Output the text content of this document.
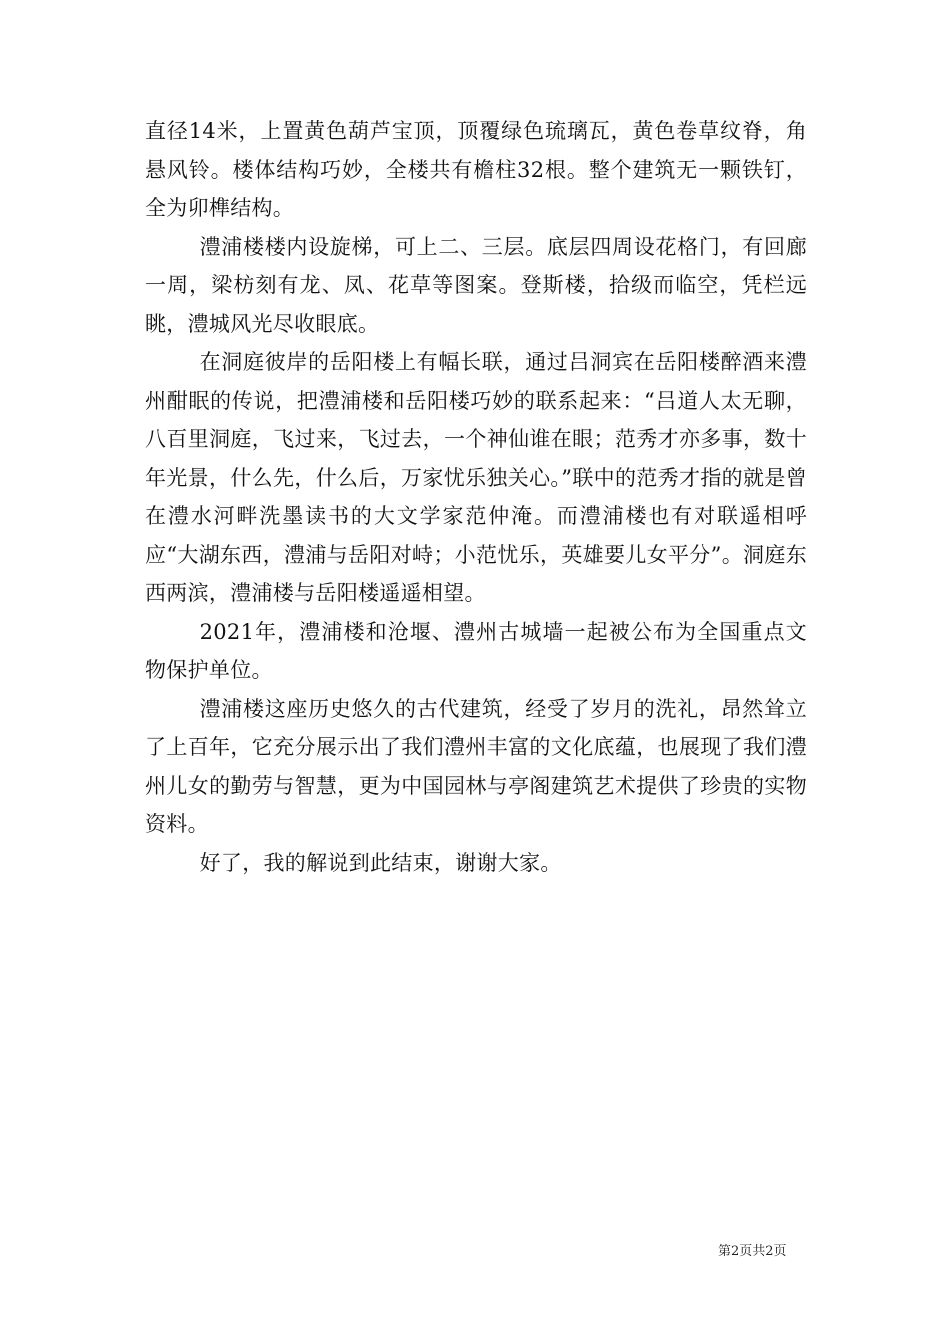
直径14米，上置黄色葫芦宝顶，顶覆绿色琉璃瓦，黄色卷草纹脊，角悬风铃。楼体结构巧妙，全楼共有檐柱32根。整个建筑无一颗铁钉，全为卯榫结构。

澧浦楼楼内设旋梯，可上二、三层。底层四周设花格门，有回廊一周，梁枋刻有龙、凤、花草等图案。登斯楼，拾级而临空，凭栏远眺，澧城风光尽收眼底。

在洞庭彼岸的岳阳楼上有幅长联，通过吕洞宾在岳阳楼醉酒来澧州酣眠的传说，把澧浦楼和岳阳楼巧妙的联系起来：“吕道人太无聊，八百里洞庭，飞过来，飞过去，一个神仙谁在眼；范秀才亦多事，数十年光景，什么先，什么后，万家忧乐独关心。”联中的范秀才指的就是曾在澧水河畔洗墨读书的大文学家范仲淹。而澧浦楼也有对联遥相呼应“大湖东西，澧浦与岳阳对峙；小范忧乐，英雄要儿女平分”。洞庭东西两滨，澧浦楼与岳阳楼遥遥相望。

2021年，澧浦楼和沧堰、澧州古城墙一起被公布为全国重点文物保护单位。

澧浦楼这座历史悠久的古代建筑，经受了岁月的洗礼，昂然耸立了上百年，它充分展示出了我们澧州丰富的文化底蕴，也展现了我们澧州儿女的勤劳与智慧，更为中国园林与亭阁建筑艺术提供了珍贵的实物资料。

好了，我的解说到此结束，谢谢大家。

第2页共2页
